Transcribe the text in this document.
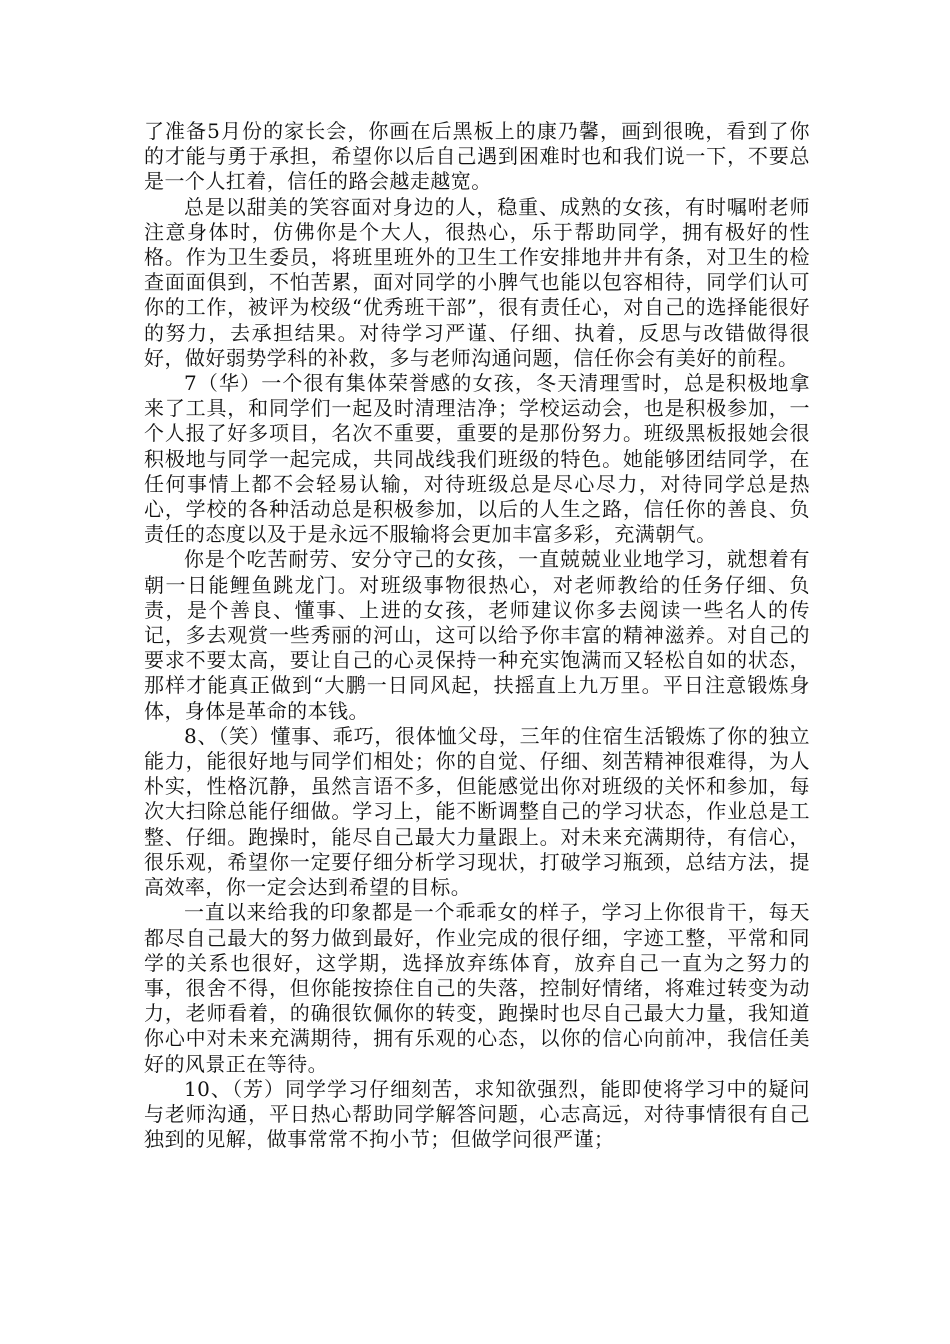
了准备5月份的家长会，你画在后黑板上的康乃馨，画到很晚，看到了你的才能与勇于承担，希望你以后自己遇到困难时也和我们说一下，不要总是一个人扛着，信任的路会越走越宽。

总是以甜美的笑容面对身边的人，稳重、成熟的女孩，有时嘱咐老师注意身体时，仿佛你是个大人，很热心，乐于帮助同学，拥有极好的性格。作为卫生委员，将班里班外的卫生工作安排地井井有条，对卫生的检查面面俱到，不怕苦累，面对同学的小脾气也能以包容相待，同学们认可你的工作，被评为校级“优秀班干部”，很有责任心，对自己的选择能很好的努力，去承担结果。对待学习严谨、仔细、执着，反思与改错做得很好，做好弱势学科的补救，多与老师沟通问题，信任你会有美好的前程。

7（华）一个很有集体荣誉感的女孩，冬天清理雪时，总是积极地拿来了工具，和同学们一起及时清理洁净；学校运动会，也是积极参加，一个人报了好多项目，名次不重要，重要的是那份努力。班级黑板报她会很积极地与同学一起完成，共同战线我们班级的特色。她能够团结同学，在任何事情上都不会轻易认输，对待班级总是尽心尽力，对待同学总是热心，学校的各种活动总是积极参加，以后的人生之路，信任你的善良、负责任的态度以及于是永远不服输将会更加丰富多彩，充满朝气。

你是个吃苦耐劳、安分守己的女孩，一直兢兢业业地学习，就想着有朝一日能鲤鱼跳龙门。对班级事物很热心，对老师教给的任务仔细、负责，是个善良、懂事、上进的女孩，老师建议你多去阅读一些名人的传记，多去观赏一些秀丽的河山，这可以给予你丰富的精神滋养。对自己的要求不要太高，要让自己的心灵保持一种充实饱满而又轻松自如的状态，那样才能真正做到“大鹏一日同风起，扶摇直上九万里。平日注意锻炼身体，身体是革命的本钱。

8、（笑）懂事、乖巧，很体恤父母，三年的住宿生活锻炼了你的独立能力，能很好地与同学们相处；你的自觉、仔细、刻苦精神很难得，为人朴实，性格沉静，虽然言语不多，但能感觉出你对班级的关怀和参加，每次大扫除总能仔细做。学习上，能不断调整自己的学习状态，作业总是工整、仔细。跑操时，能尽自己最大力量跟上。对未来充满期待，有信心，很乐观，希望你一定要仔细分析学习现状，打破学习瓶颈，总结方法，提高效率，你一定会达到希望的目标。

一直以来给我的印象都是一个乖乖女的样子，学习上你很肯干，每天都尽自己最大的努力做到最好，作业完成的很仔细，字迹工整，平常和同学的关系也很好，这学期，选择放弃练体育，放弃自己一直为之努力的事，很舍不得，但你能按捺住自己的失落，控制好情绪，将难过转变为动力，老师看着，的确很钦佩你的转变，跑操时也尽自己最大力量，我知道你心中对未来充满期待，拥有乐观的心态，以你的信心向前冲，我信任美好的风景正在等待。

10、（芳）同学学习仔细刻苦，求知欲强烈，能即使将学习中的疑问与老师沟通，平日热心帮助同学解答问题，心志高远，对待事情很有自己独到的见解，做事常常不拘小节；但做学问很严谨；
